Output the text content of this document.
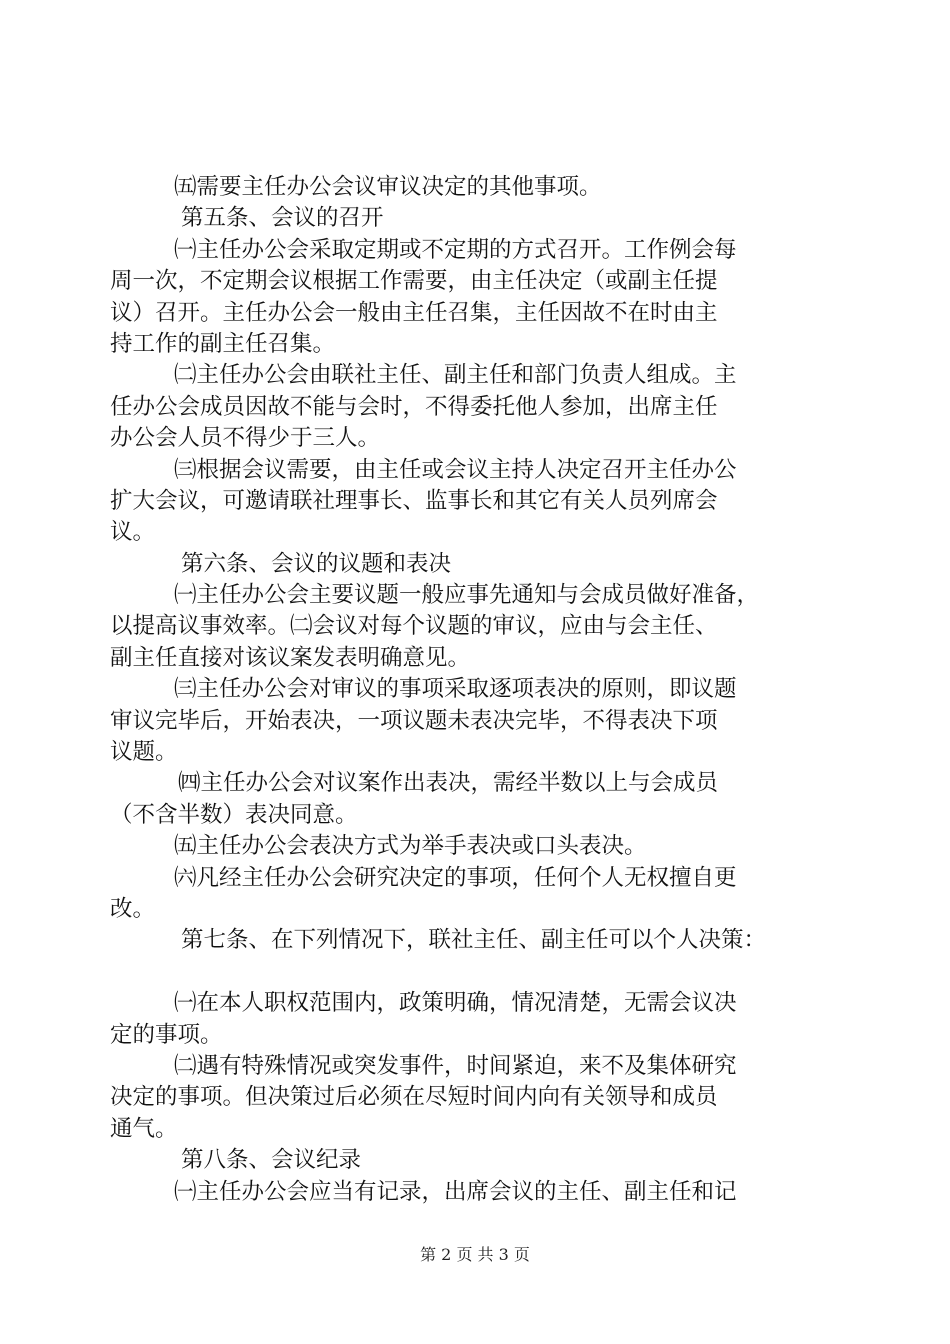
㈤需要主任办公会议审议决定的其他事项。
第五条、会议的召开
㈠主任办公会采取定期或不定期的方式召开。工作例会每
周一次，不定期会议根据工作需要，由主任决定（或副主任提
议）召开。主任办公会一般由主任召集，主任因故不在时由主
持工作的副主任召集。
㈡主任办公会由联社主任、副主任和部门负责人组成。主
任办公会成员因故不能与会时，不得委托他人参加，出席主任
办公会人员不得少于三人。
㈢根据会议需要，由主任或会议主持人决定召开主任办公
扩大会议，可邀请联社理事长、监事长和其它有关人员列席会
议。
第六条、会议的议题和表决
㈠主任办公会主要议题一般应事先通知与会成员做好准备，
以提高议事效率。㈡会议对每个议题的审议，应由与会主任、
副主任直接对该议案发表明确意见。
㈢主任办公会对审议的事项采取逐项表决的原则，即议题
审议完毕后，开始表决，一项议题未表决完毕，不得表决下项
议题。
㈣主任办公会对议案作出表决，需经半数以上与会成员
（不含半数）表决同意。
㈤主任办公会表决方式为举手表决或口头表决。
㈥凡经主任办公会研究决定的事项，任何个人无权擅自更
改。
第七条、在下列情况下，联社主任、副主任可以个人决策：
㈠在本人职权范围内，政策明确，情况清楚，无需会议决
定的事项。
㈡遇有特殊情况或突发事件，时间紧迫，来不及集体研究
决定的事项。但决策过后必须在尽短时间内向有关领导和成员
通气。
第八条、会议纪录
㈠主任办公会应当有记录，出席会议的主任、副主任和记
第 2 页 共 3 页
